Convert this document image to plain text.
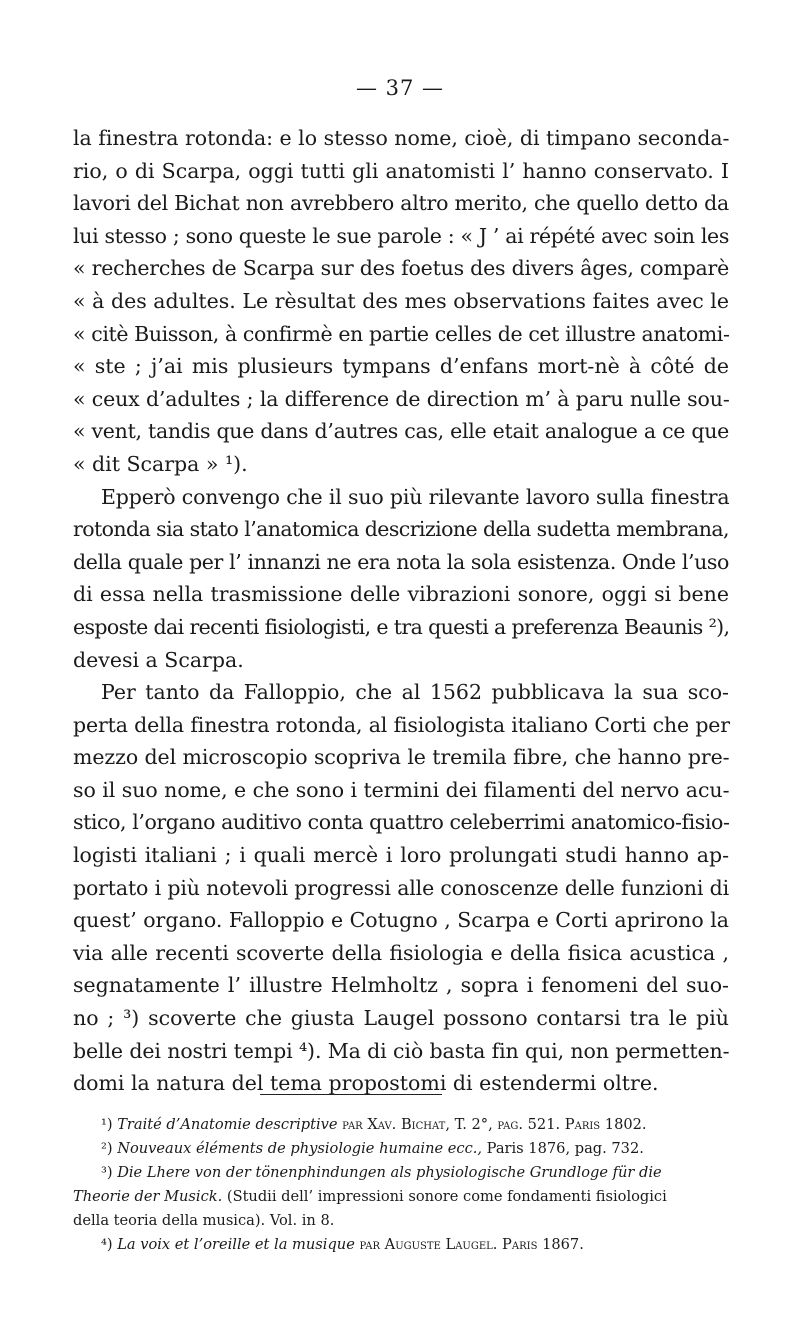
— 37 —
la finestra rotonda: e lo stesso nome, cioè, di timpano seconda-
rio, o di Scarpa, oggi tutti gli anatomisti l’ hanno conservato. I
lavori del Bichat non avrebbero altro merito, che quello detto da
lui stesso ; sono queste le sue parole : « J ’ ai répété avec soin les
« recherches de Scarpa sur des foetus des divers âges, comparè
« à des adultes. Le rèsultat des mes observations faites avec le
« citè Buisson, à confirmè en partie celles de cet illustre anatomi-
« ste ; j’ai mis plusieurs tympans d’enfans mort-nè à côté de
« ceux d’adultes ; la difference de direction m’ à paru nulle sou-
« vent, tandis que dans d’autres cas, elle etait analogue a ce que
« dit Scarpa » ¹).
Epperò convengo che il suo più rilevante lavoro sulla finestra
rotonda sia stato l’anatomica descrizione della sudetta membrana,
della quale per l’ innanzi ne era nota la sola esistenza. Onde l’uso
di essa nella trasmissione delle vibrazioni sonore, oggi si bene
esposte dai recenti fisiologisti, e tra questi a preferenza Beaunis ²),
devesi a Scarpa.
Per tanto da Falloppio, che al 1562 pubblicava la sua sco-
perta della finestra rotonda, al fisiologista italiano Corti che per
mezzo del microscopio scopriva le tremila fibre, che hanno pre-
so il suo nome, e che sono i termini dei filamenti del nervo acu-
stico, l’organo auditivo conta quattro celeberrimi anatomico-fisio-
logisti italiani ; i quali mercè i loro prolungati studi hanno ap-
portato i più notevoli progressi alle conoscenze delle funzioni di
quest’ organo. Falloppio e Cotugno , Scarpa e Corti aprirono la
via alle recenti scoverte della fisiologia e della fisica acustica ,
segnatamente l’ illustre Helmholtz , sopra i fenomeni del suo-
no ; ³) scoverte che giusta Laugel possono contarsi tra le più
belle dei nostri tempi ⁴). Ma di ciò basta fin qui, non permetten-
domi la natura del tema propostomi di estendermi oltre.
¹) Traité d’Anatomie descriptive par Xav. Bichat, T. 2°, pag. 521. Paris 1802.
²) Nouveaux éléments de physiologie humaine ecc., Paris 1876, pag. 732.
³) Die Lhere von der tönenphindungen als physiologische Grundloge für die
Theorie der Musick. (Studii dell’ impressioni sonore come fondamenti fisiologici
della teoria della musica). Vol. in 8.
⁴) La voix et l’oreille et la musique par Auguste Laugel. Paris 1867.
